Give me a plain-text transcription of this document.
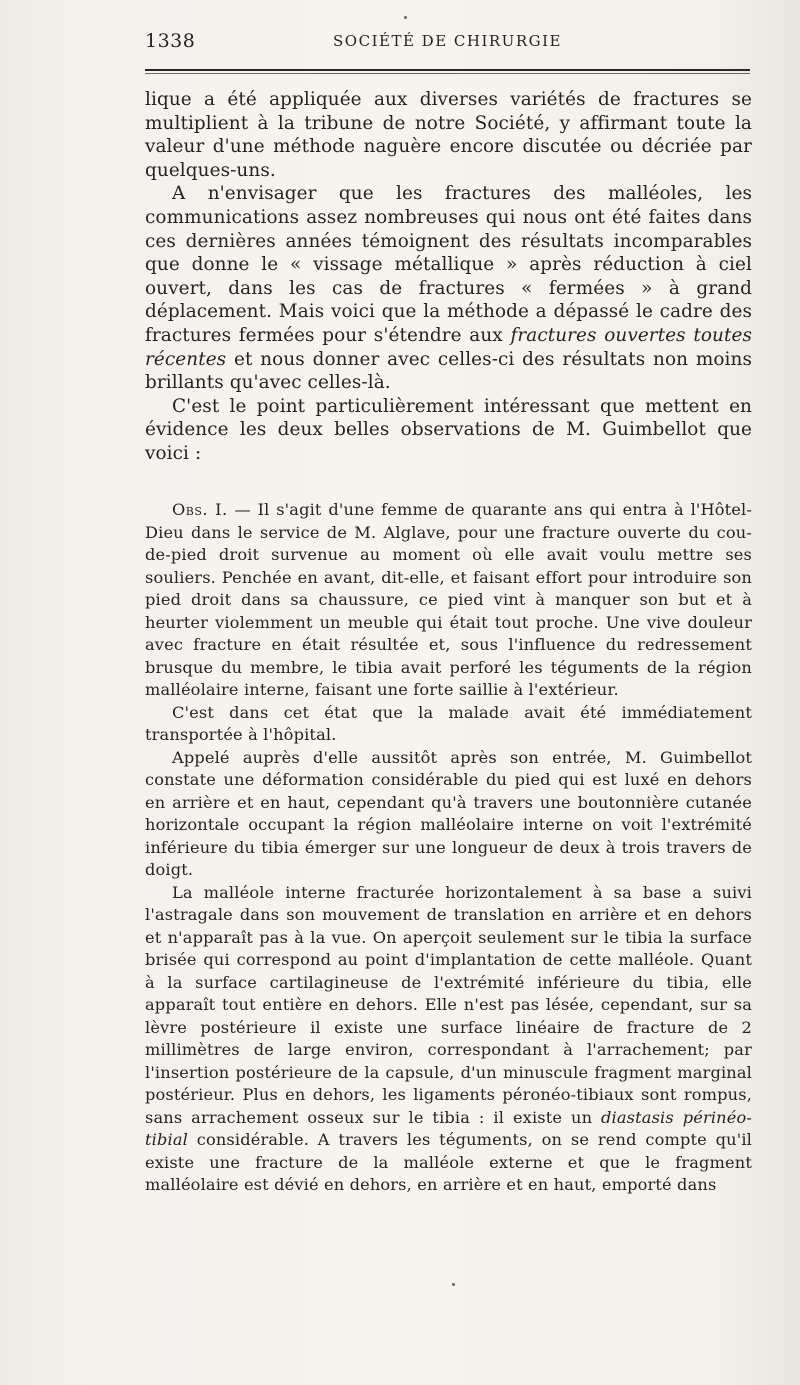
1338	SOCIÉTÉ DE CHIRURGIE

lique a été appliquée aux diverses variétés de fractures se multiplient à la tribune de notre Société, y affirmant toute la valeur d'une méthode naguère encore discutée ou décriée par quelques-uns.

A n'envisager que les fractures des malléoles, les communications assez nombreuses qui nous ont été faites dans ces dernières années témoignent des résultats incomparables que donne le « vissage métallique » après réduction à ciel ouvert, dans les cas de fractures « fermées » à grand déplacement. Mais voici que la méthode a dépassé le cadre des fractures fermées pour s'étendre aux fractures ouvertes toutes récentes et nous donner avec celles-ci des résultats non moins brillants qu'avec celles-là.

C'est le point particulièrement intéressant que mettent en évidence les deux belles observations de M. Guimbellot que voici :

Obs. I. — Il s'agit d'une femme de quarante ans qui entra à l'Hôtel-Dieu dans le service de M. Alglave, pour une fracture ouverte du cou-de-pied droit survenue au moment où elle avait voulu mettre ses souliers. Penchée en avant, dit-elle, et faisant effort pour introduire son pied droit dans sa chaussure, ce pied vint à manquer son but et à heurter violemment un meuble qui était tout proche. Une vive douleur avec fracture en était résultée et, sous l'influence du redressement brusque du membre, le tibia avait perforé les téguments de la région malléolaire interne, faisant une forte saillie à l'extérieur.

C'est dans cet état que la malade avait été immédiatement transportée à l'hôpital.

Appelé auprès d'elle aussitôt après son entrée, M. Guimbellot constate une déformation considérable du pied qui est luxé en dehors en arrière et en haut, cependant qu'à travers une boutonnière cutanée horizontale occupant la région malléolaire interne on voit l'extrémité inférieure du tibia émerger sur une longueur de deux à trois travers de doigt.

La malléole interne fracturée horizontalement à sa base a suivi l'astragale dans son mouvement de translation en arrière et en dehors et n'apparaît pas à la vue. On aperçoit seulement sur le tibia la surface brisée qui correspond au point d'implantation de cette malléole. Quant à la surface cartilagineuse de l'extrémité inférieure du tibia, elle apparaît tout entière en dehors. Elle n'est pas lésée, cependant, sur sa lèvre postérieure il existe une surface linéaire de fracture de 2 millimètres de large environ, correspondant à l'arrachement; par l'insertion postérieure de la capsule, d'un minuscule fragment marginal postérieur. Plus en dehors, les ligaments péronéo-tibiaux sont rompus, sans arrachement osseux sur le tibia : il existe un diastasis périnéo-tibial considérable. A travers les téguments, on se rend compte qu'il existe une fracture de la malléole externe et que le fragment malléolaire est dévié en dehors, en arrière et en haut, emporté dans
